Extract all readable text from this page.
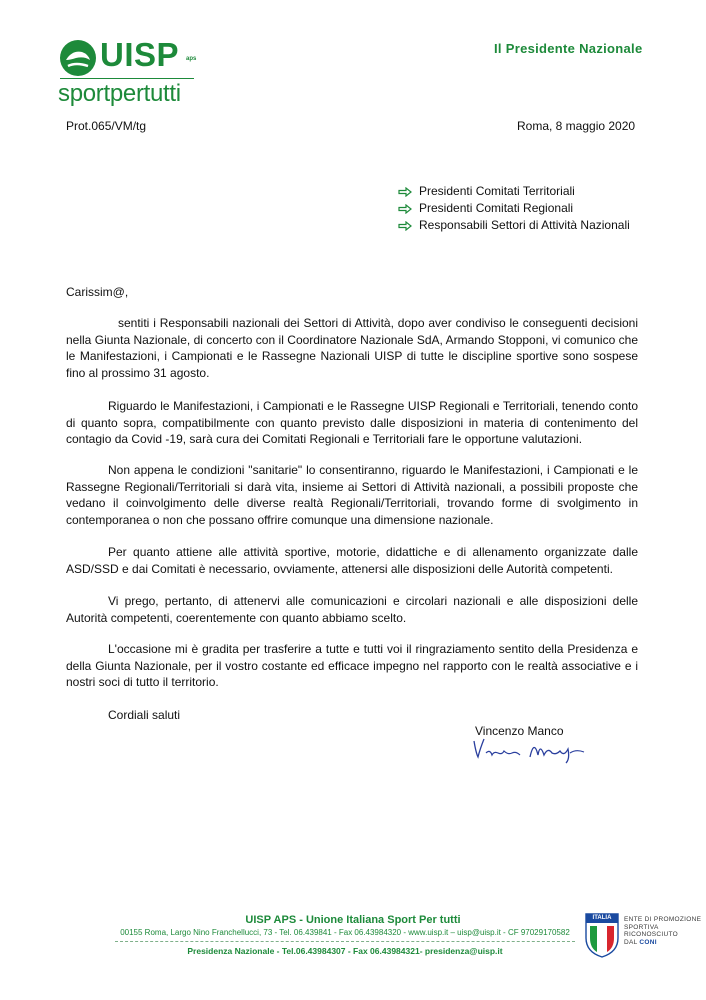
UISP aps
sportpertutti
Il Presidente Nazionale
Prot.065/VM/tg	Roma, 8 maggio 2020
Presidenti Comitati Territoriali
Presidenti Comitati Regionali
Responsabili Settori di Attività Nazionali
Carissim@,

sentiti i Responsabili nazionali dei Settori di Attività, dopo aver condiviso le conseguenti decisioni nella Giunta Nazionale, di concerto con il Coordinatore Nazionale SdA, Armando Stopponi, vi comunico che le Manifestazioni, i Campionati e le Rassegne Nazionali UISP di tutte le discipline sportive sono sospese fino al prossimo 31 agosto.

Riguardo le Manifestazioni, i Campionati e le Rassegne UISP Regionali e Territoriali, tenendo conto di quanto sopra, compatibilmente con quanto previsto dalle disposizioni in materia di contenimento del contagio da Covid -19, sarà cura dei Comitati Regionali e Territoriali fare le opportune valutazioni.

Non appena le condizioni "sanitarie" lo consentiranno, riguardo le Manifestazioni, i Campionati e le Rassegne Regionali/Territoriali si darà vita, insieme ai Settori di Attività nazionali, a possibili proposte che vedano il coinvolgimento delle diverse realtà Regionali/Territoriali, trovando forme di svolgimento in contemporanea o non che possano offrire comunque una dimensione nazionale.

Per quanto attiene alle attività sportive, motorie, didattiche e di allenamento organizzate dalle ASD/SSD e dai Comitati è necessario, ovviamente, attenersi alle disposizioni delle Autorità competenti.

Vi prego, pertanto, di attenervi alle comunicazioni e circolari nazionali e alle disposizioni delle Autorità competenti, coerentemente con quanto abbiamo scelto.

L'occasione mi è gradita per trasferire a tutte e tutti voi il ringraziamento sentito della Presidenza e della Giunta Nazionale, per il vostro costante ed efficace impegno nel rapporto con le realtà associative e i nostri soci di tutto il territorio.

Cordiali saluti
Vincenzo Manco
UISP APS - Unione Italiana Sport Per tutti
00155 Roma, Largo Nino Franchellucci, 73 - Tel. 06.439841 - Fax 06.43984320 - www.uisp.it – uisp@uisp.it - CF 97029170582
Presidenza Nazionale - Tel.06.43984307 - Fax 06.43984321- presidenza@uisp.it
ITALIA	ENTE DI PROMOZIONE
SPORTIVA
RICONOSCIUTO
DAL CONI
